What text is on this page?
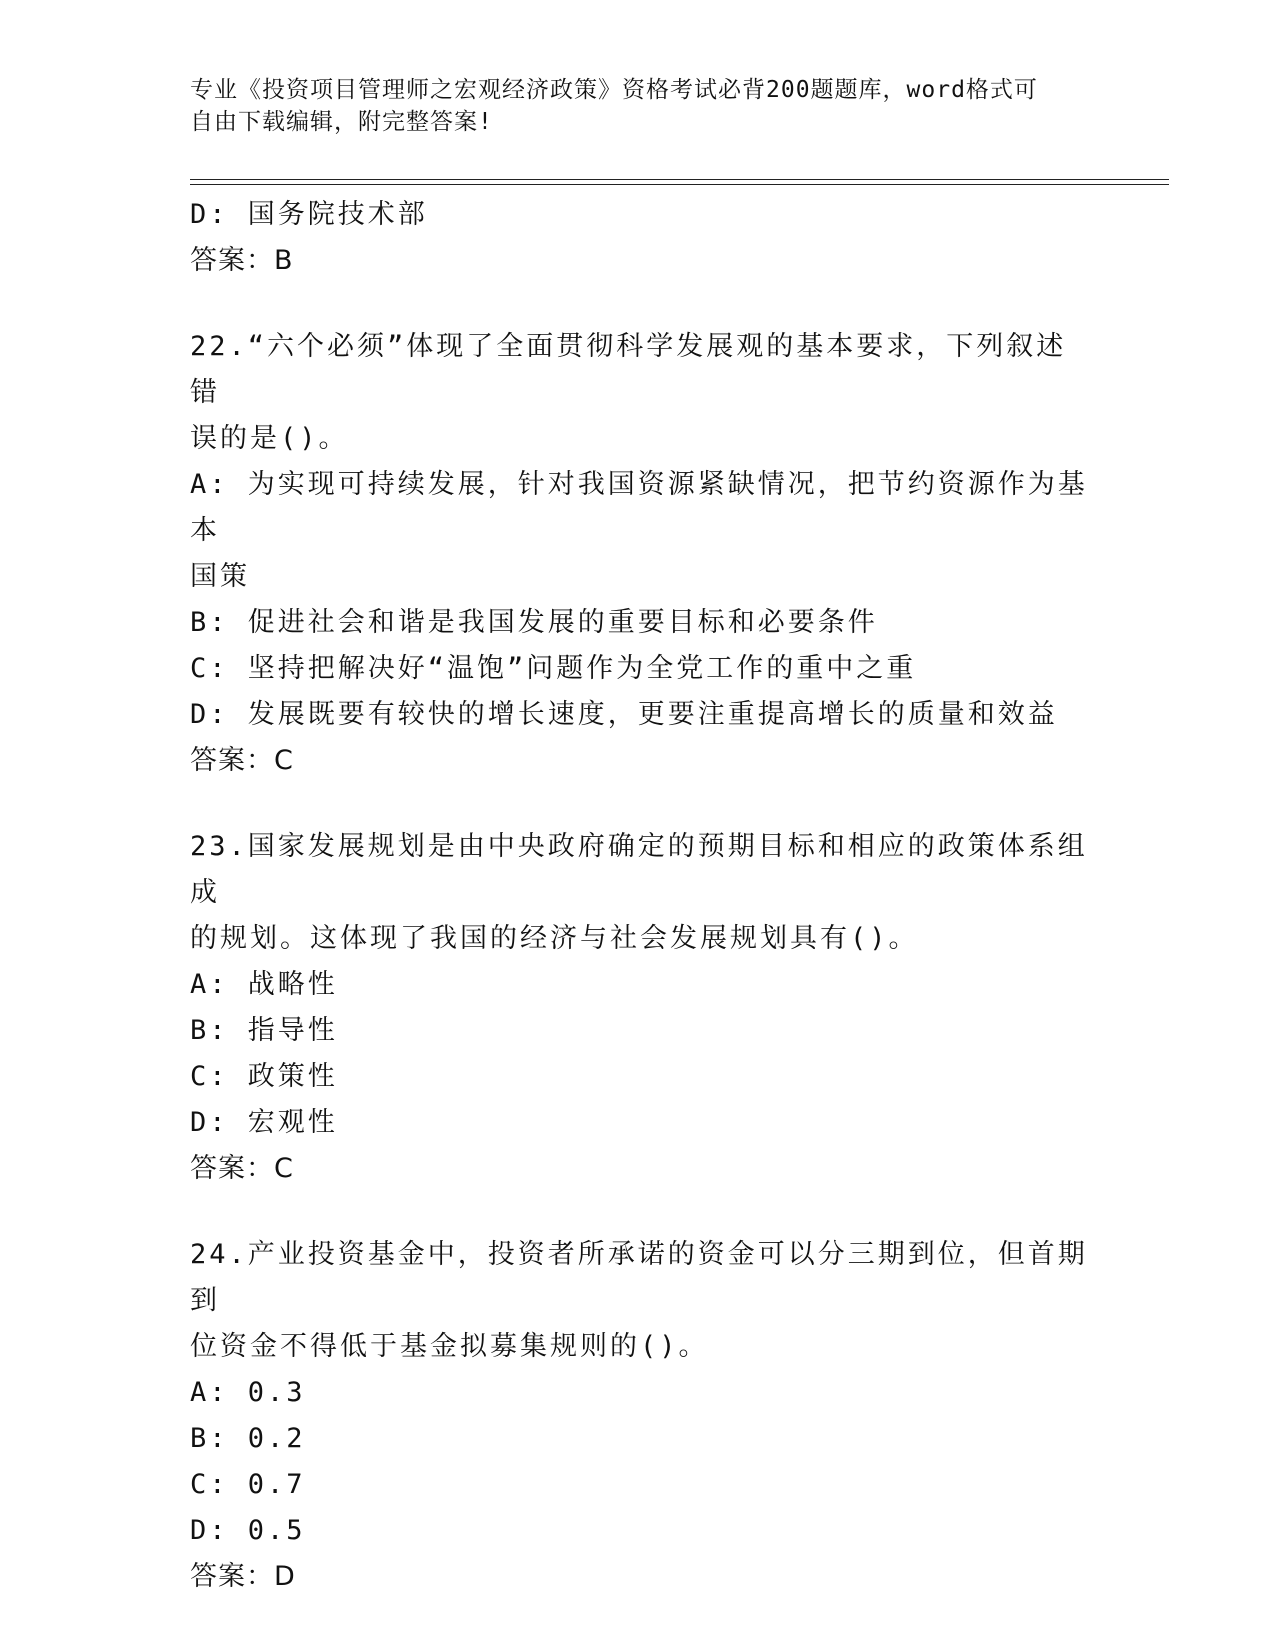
专业《投资项目管理师之宏观经济政策》资格考试必背200题题库，word格式可
自由下载编辑，附完整答案!
D: 国务院技术部
答案：B
22.“六个必须”体现了全面贯彻科学发展观的基本要求，下列叙述错
误的是()。
A: 为实现可持续发展，针对我国资源紧缺情况，把节约资源作为基本
国策
B: 促进社会和谐是我国发展的重要目标和必要条件
C: 坚持把解决好“温饱”问题作为全党工作的重中之重
D: 发展既要有较快的增长速度，更要注重提高增长的质量和效益
答案：C
23.国家发展规划是由中央政府确定的预期目标和相应的政策体系组成
的规划。这体现了我国的经济与社会发展规划具有()。
A: 战略性
B: 指导性
C: 政策性
D: 宏观性
答案：C
24.产业投资基金中，投资者所承诺的资金可以分三期到位，但首期到
位资金不得低于基金拟募集规则的()。
A: 0.3
B: 0.2
C: 0.7
D: 0.5
答案：D
